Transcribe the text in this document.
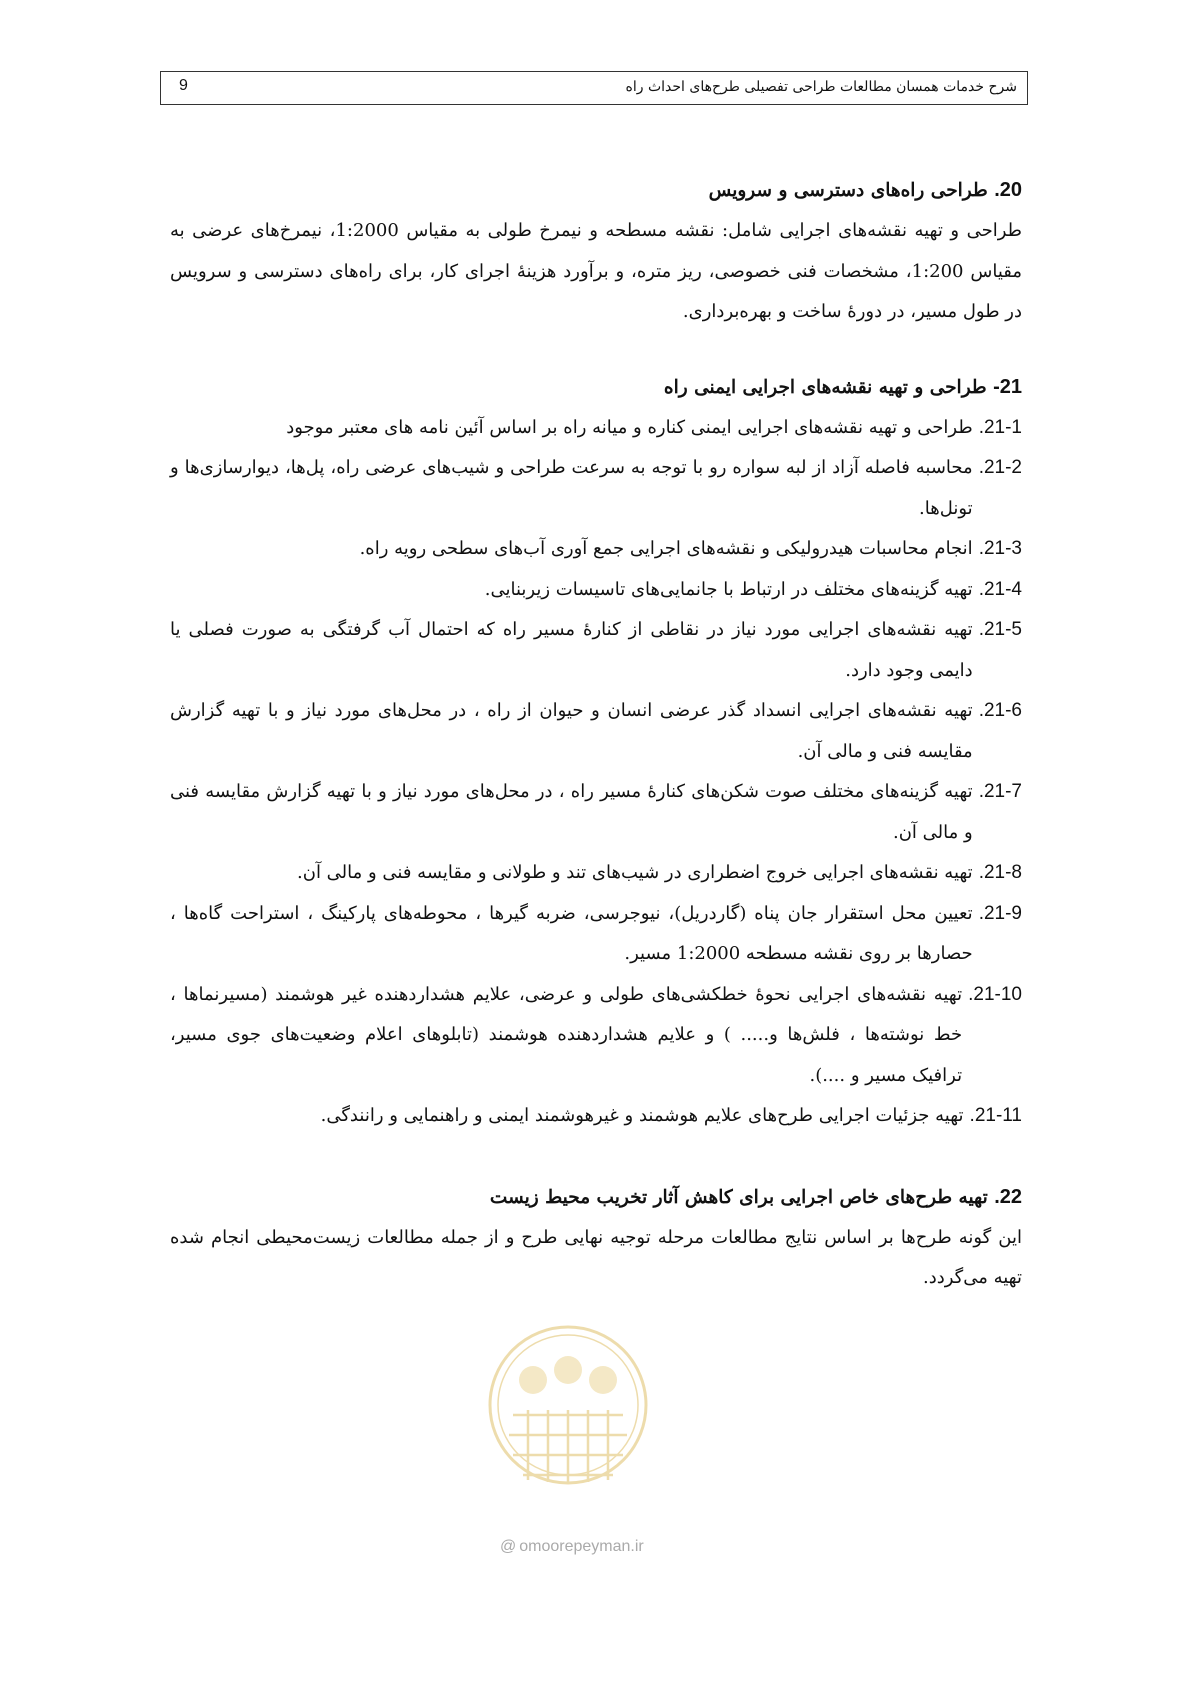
9	شرح خدمات همسان مطالعات طراحی تفصیلی طرح‌های احداث راه

20. طراحی راه‌های دسترسی و سرویس

طراحی و تهیه نقشه‌های اجرایی شامل: نقشه مسطحه و نیمرخ طولی به مقیاس 1:2000، نیمرخ‌های عرضی به مقیاس 1:200، مشخصات فنی خصوصی، ریز متره، و برآورد هزینهٔ اجرای کار، برای راه‌های دسترسی و سرویس در طول مسیر، در دورهٔ ساخت و بهره‌برداری.

21- طراحی و تهیه نقشه‌های اجرایی ایمنی راه

21-1.
طراحی و تهیه نقشه‌های اجرایی ایمنی کناره و میانه راه بر اساس آئین نامه های معتبر موجود
21-2.
محاسبه فاصله آزاد از لبه سواره رو با توجه به سرعت طراحی و شیب‌های عرضی راه، پل‌ها، دیوارسازی‌ها و تونل‌ها.
21-3.
انجام محاسبات هیدرولیکی و نقشه‌های اجرایی جمع آوری آب‌های سطحی رویه راه.
21-4.
تهیه گزینه‌های مختلف در ارتباط با جانمایی‌های تاسیسات زیربنایی.
21-5.
تهیه نقشه‌های اجرایی مورد نیاز در نقاطی از کنارهٔ مسیر راه که احتمال آب گرفتگی به صورت فصلی یا دایمی وجود دارد.
21-6.
تهیه نقشه‌های اجرایی انسداد گذر عرضی انسان و حیوان از راه ، در محل‌های مورد نیاز و با تهیه گزارش مقایسه فنی و مالی آن.
21-7.
تهیه گزینه‌های مختلف صوت شکن‌های کنارهٔ مسیر راه ، در محل‌های مورد نیاز و با تهیه گزارش مقایسه فنی و مالی آن.
21-8.
تهیه نقشه‌های اجرایی خروج اضطراری در شیب‌های تند و طولانی و مقایسه فنی و مالی آن.
21-9.
تعیین محل استقرار جان پناه (گاردریل)، نیوجرسی، ضربه گیرها ، محوطه‌های پارکینگ ، استراحت گاه‌ها ، حصارها بر روی نقشه مسطحه 1:2000 مسیر.
21-10.
تهیه نقشه‌های اجرایی نحوهٔ خطکشی‌های طولی و عرضی، علایم هشداردهنده غیر هوشمند (مسیرنماها ، خط نوشته‌ها ، فلش‌ها و..... ) و علایم هشداردهنده هوشمند (تابلوهای اعلام وضعیت‌های جوی مسیر، ترافیک مسیر و ....).
21-11.
تهیه جزئیات اجرایی طرح‌های علایم هوشمند و غیرهوشمند ایمنی و راهنمایی و رانندگی.

22. تهیه طرح‌های خاص اجرایی برای کاهش آثار تخریب محیط زیست

این گونه طرح‌ها بر اساس نتایج مطالعات مرحله توجیه نهایی طرح و از جمله مطالعات زیست‌محیطی انجام شده تهیه می‌گردد.

@ omoorepeyman.ir
